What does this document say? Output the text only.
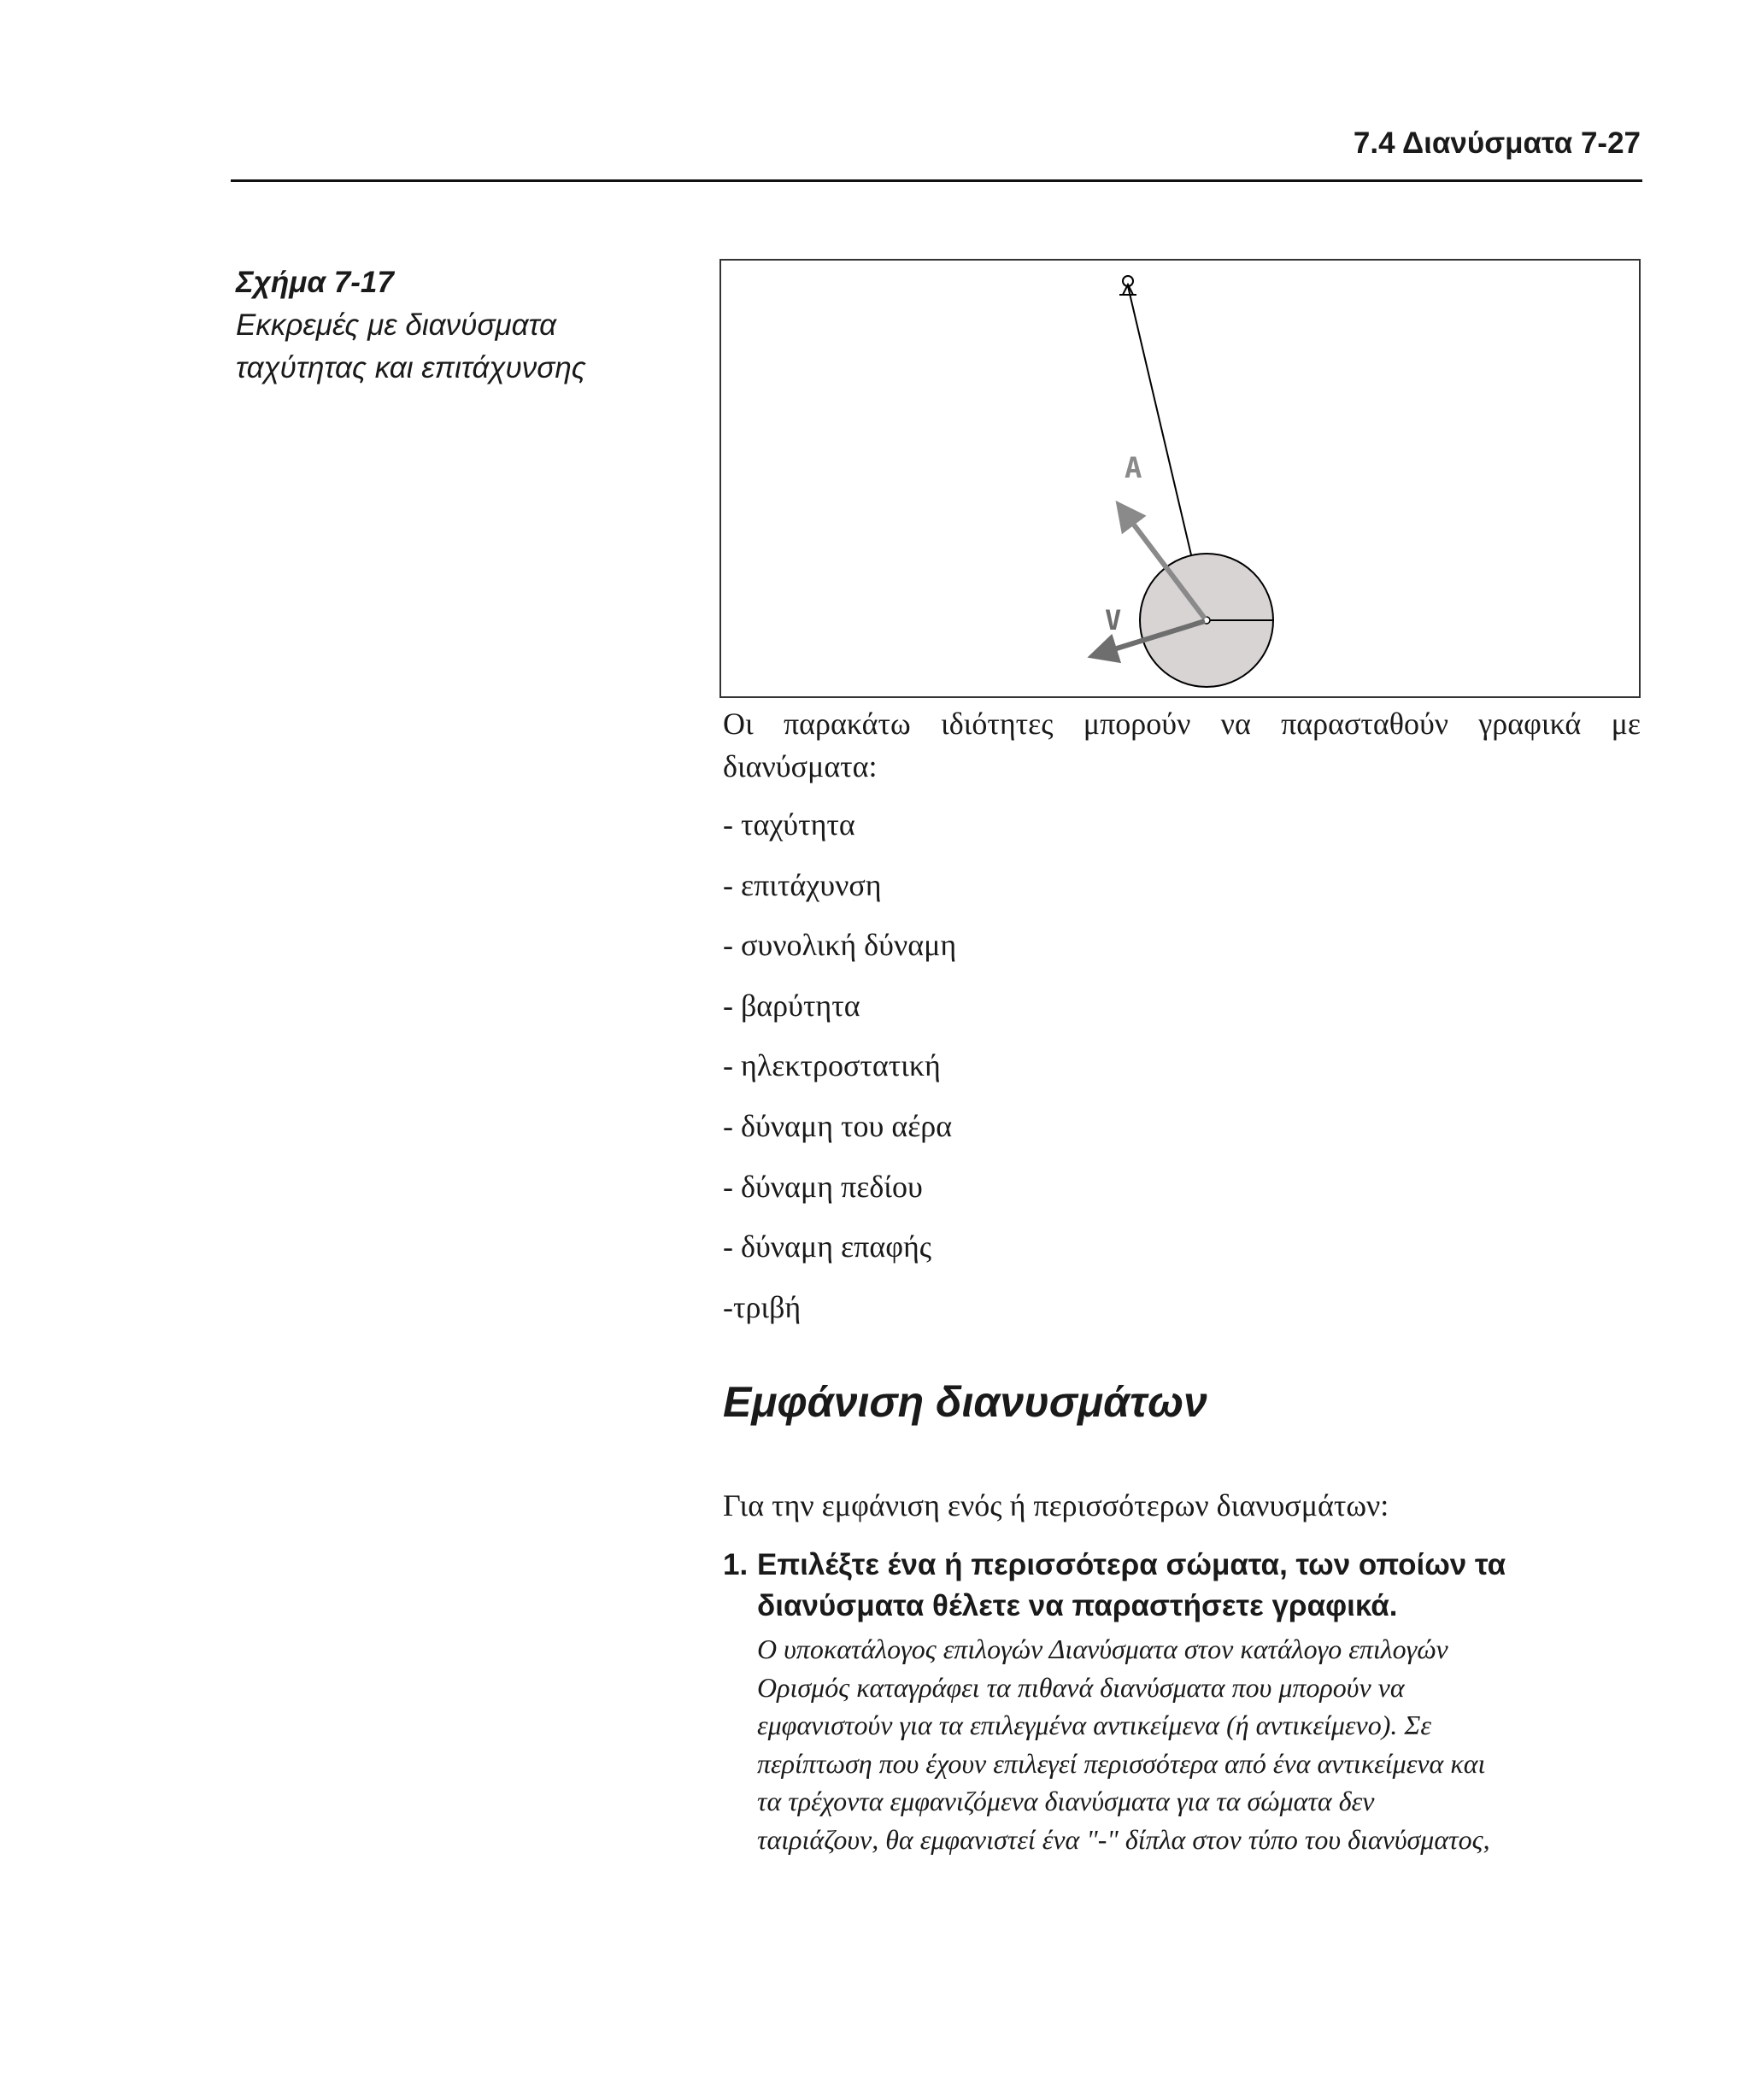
7.4 Διανύσματα 7-27
Σχήμα 7-17
Εκκρεμές με διανύσματα
ταχύτητας και επιτάχυνσης
A
V
Οι παρακάτω ιδιότητες μπορούν να παρασταθούν γραφικά με διανύσματα:
- ταχύτητα
- επιτάχυνση
- συνολική δύναμη
- βαρύτητα
- ηλεκτροστατική
- δύναμη του αέρα
- δύναμη πεδίου
- δύναμη επαφής
-τριβή
Εμφάνιση διανυσμάτων
Για την εμφάνιση ενός ή περισσότερων διανυσμάτων:
1. Επιλέξτε ένα ή περισσότερα σώματα, των οποίων τα διανύσματα θέλετε να παραστήσετε γραφικά.
Ο υποκατάλογος επιλογών Διανύσματα στον κατάλογο επιλογών
Ορισμός καταγράφει τα πιθανά διανύσματα που μπορούν να
εμφανιστούν για τα επιλεγμένα αντικείμενα (ή αντικείμενο). Σε
περίπτωση που έχουν επιλεγεί περισσότερα από ένα αντικείμενα και
τα τρέχοντα εμφανιζόμενα διανύσματα για τα σώματα δεν
ταιριάζουν, θα εμφανιστεί ένα "-" δίπλα στον τύπο του διανύσματος,
